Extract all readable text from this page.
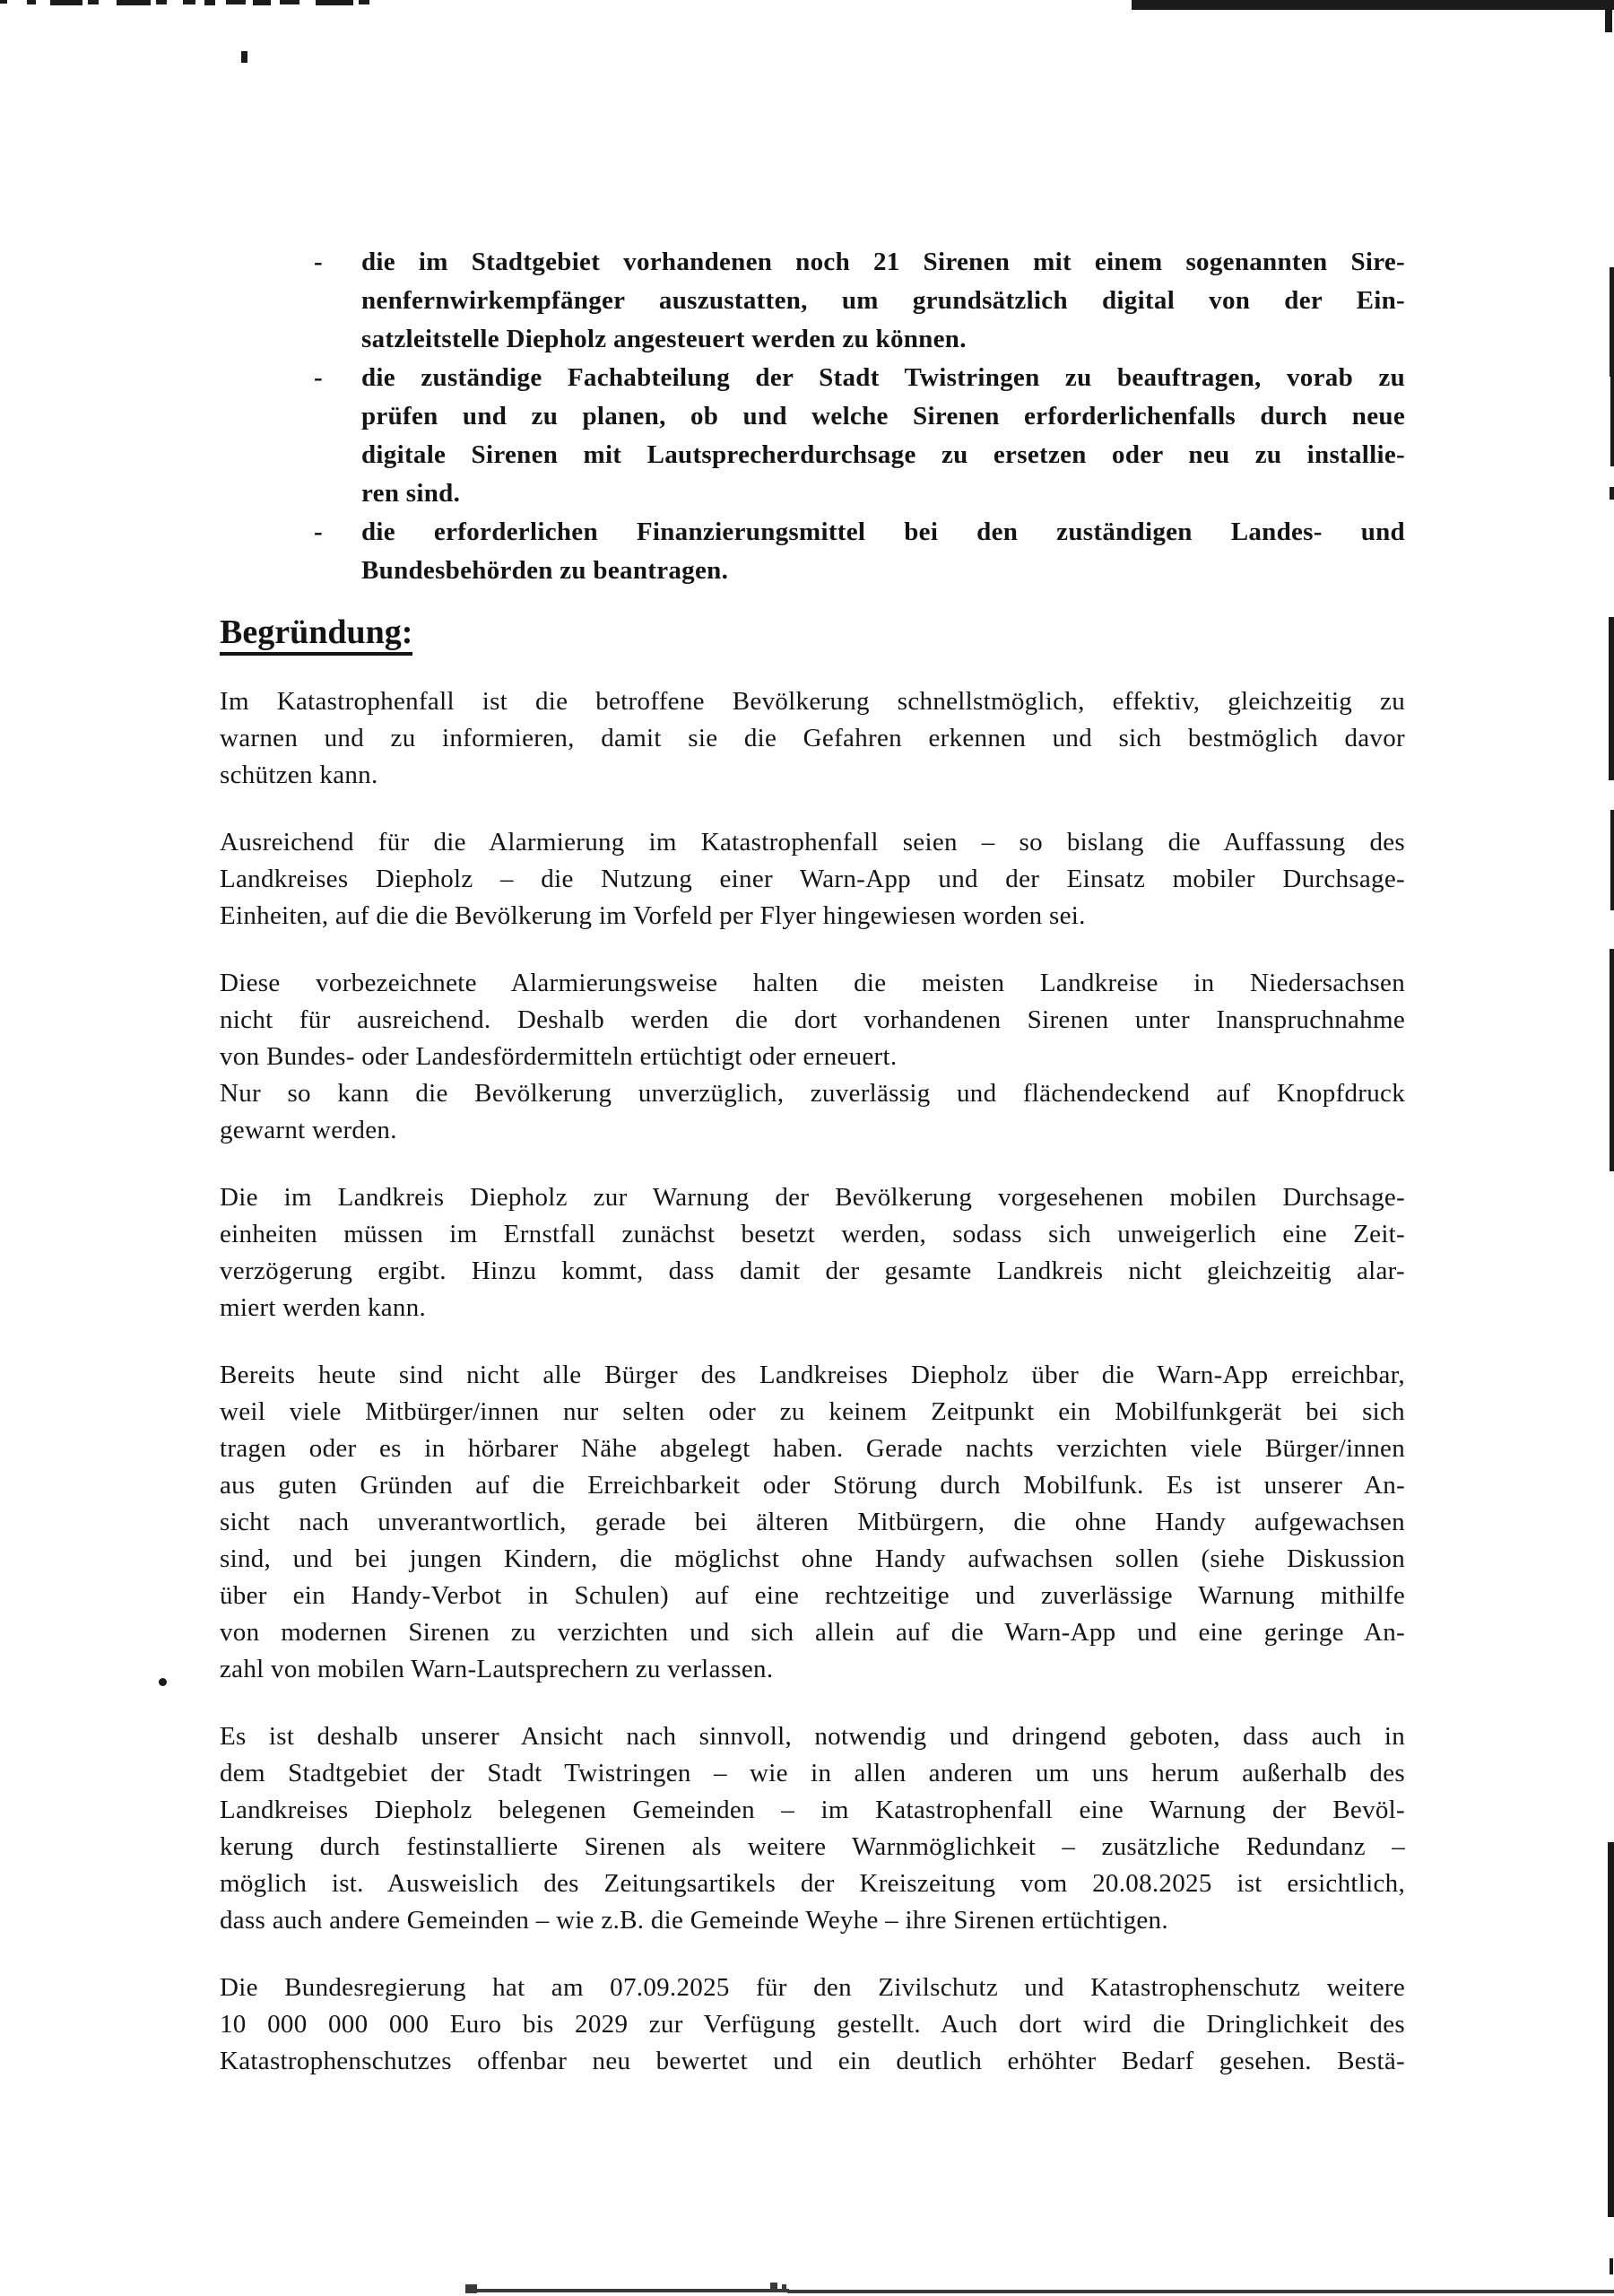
- die im Stadtgebiet vorhandenen noch 21 Sirenen mit einem sogenannten Sire-
nenfernwirkempfänger auszustatten, um grundsätzlich digital von der Ein-
satzleitstelle Diepholz angesteuert werden zu können.
- die zuständige Fachabteilung der Stadt Twistringen zu beauftragen, vorab zu
prüfen und zu planen, ob und welche Sirenen erforderlichenfalls durch neue
digitale Sirenen mit Lautsprecherdurchsage zu ersetzen oder neu zu installie-
ren sind.
- die erforderlichen Finanzierungsmittel bei den zuständigen Landes- und
Bundesbehörden zu beantragen.
Begründung:
Im Katastrophenfall ist die betroffene Bevölkerung schnellstmöglich, effektiv, gleichzeitig zu
warnen und zu informieren, damit sie die Gefahren erkennen und sich bestmöglich davor
schützen kann.
Ausreichend für die Alarmierung im Katastrophenfall seien – so bislang die Auffassung des
Landkreises Diepholz – die Nutzung einer Warn-App und der Einsatz mobiler Durchsage-
Einheiten, auf die die Bevölkerung im Vorfeld per Flyer hingewiesen worden sei.
Diese vorbezeichnete Alarmierungsweise halten die meisten Landkreise in Niedersachsen
nicht für ausreichend. Deshalb werden die dort vorhandenen Sirenen unter Inanspruchnahme
von Bundes- oder Landesfördermitteln ertüchtigt oder erneuert.
Nur so kann die Bevölkerung unverzüglich, zuverlässig und flächendeckend auf Knopfdruck
gewarnt werden.
Die im Landkreis Diepholz zur Warnung der Bevölkerung vorgesehenen mobilen Durchsage-
einheiten müssen im Ernstfall zunächst besetzt werden, sodass sich unweigerlich eine Zeit-
verzögerung ergibt. Hinzu kommt, dass damit der gesamte Landkreis nicht gleichzeitig alar-
miert werden kann.
Bereits heute sind nicht alle Bürger des Landkreises Diepholz über die Warn-App erreichbar,
weil viele Mitbürger/innen nur selten oder zu keinem Zeitpunkt ein Mobilfunkgerät bei sich
tragen oder es in hörbarer Nähe abgelegt haben. Gerade nachts verzichten viele Bürger/innen
aus guten Gründen auf die Erreichbarkeit oder Störung durch Mobilfunk. Es ist unserer An-
sicht nach unverantwortlich, gerade bei älteren Mitbürgern, die ohne Handy aufgewachsen
sind, und bei jungen Kindern, die möglichst ohne Handy aufwachsen sollen (siehe Diskussion
über ein Handy-Verbot in Schulen) auf eine rechtzeitige und zuverlässige Warnung mithilfe
von modernen Sirenen zu verzichten und sich allein auf die Warn-App und eine geringe An-
zahl von mobilen Warn-Lautsprechern zu verlassen.
Es ist deshalb unserer Ansicht nach sinnvoll, notwendig und dringend geboten, dass auch in
dem Stadtgebiet der Stadt Twistringen – wie in allen anderen um uns herum außerhalb des
Landkreises Diepholz belegenen Gemeinden – im Katastrophenfall eine Warnung der Bevöl-
kerung durch festinstallierte Sirenen als weitere Warnmöglichkeit – zusätzliche Redundanz –
möglich ist. Ausweislich des Zeitungsartikels der Kreiszeitung vom 20.08.2025 ist ersichtlich,
dass auch andere Gemeinden – wie z.B. die Gemeinde Weyhe – ihre Sirenen ertüchtigen.
Die Bundesregierung hat am 07.09.2025 für den Zivilschutz und Katastrophenschutz weitere
10 000 000 000 Euro bis 2029 zur Verfügung gestellt. Auch dort wird die Dringlichkeit des
Katastrophenschutzes offenbar neu bewertet und ein deutlich erhöhter Bedarf gesehen. Bestä-
